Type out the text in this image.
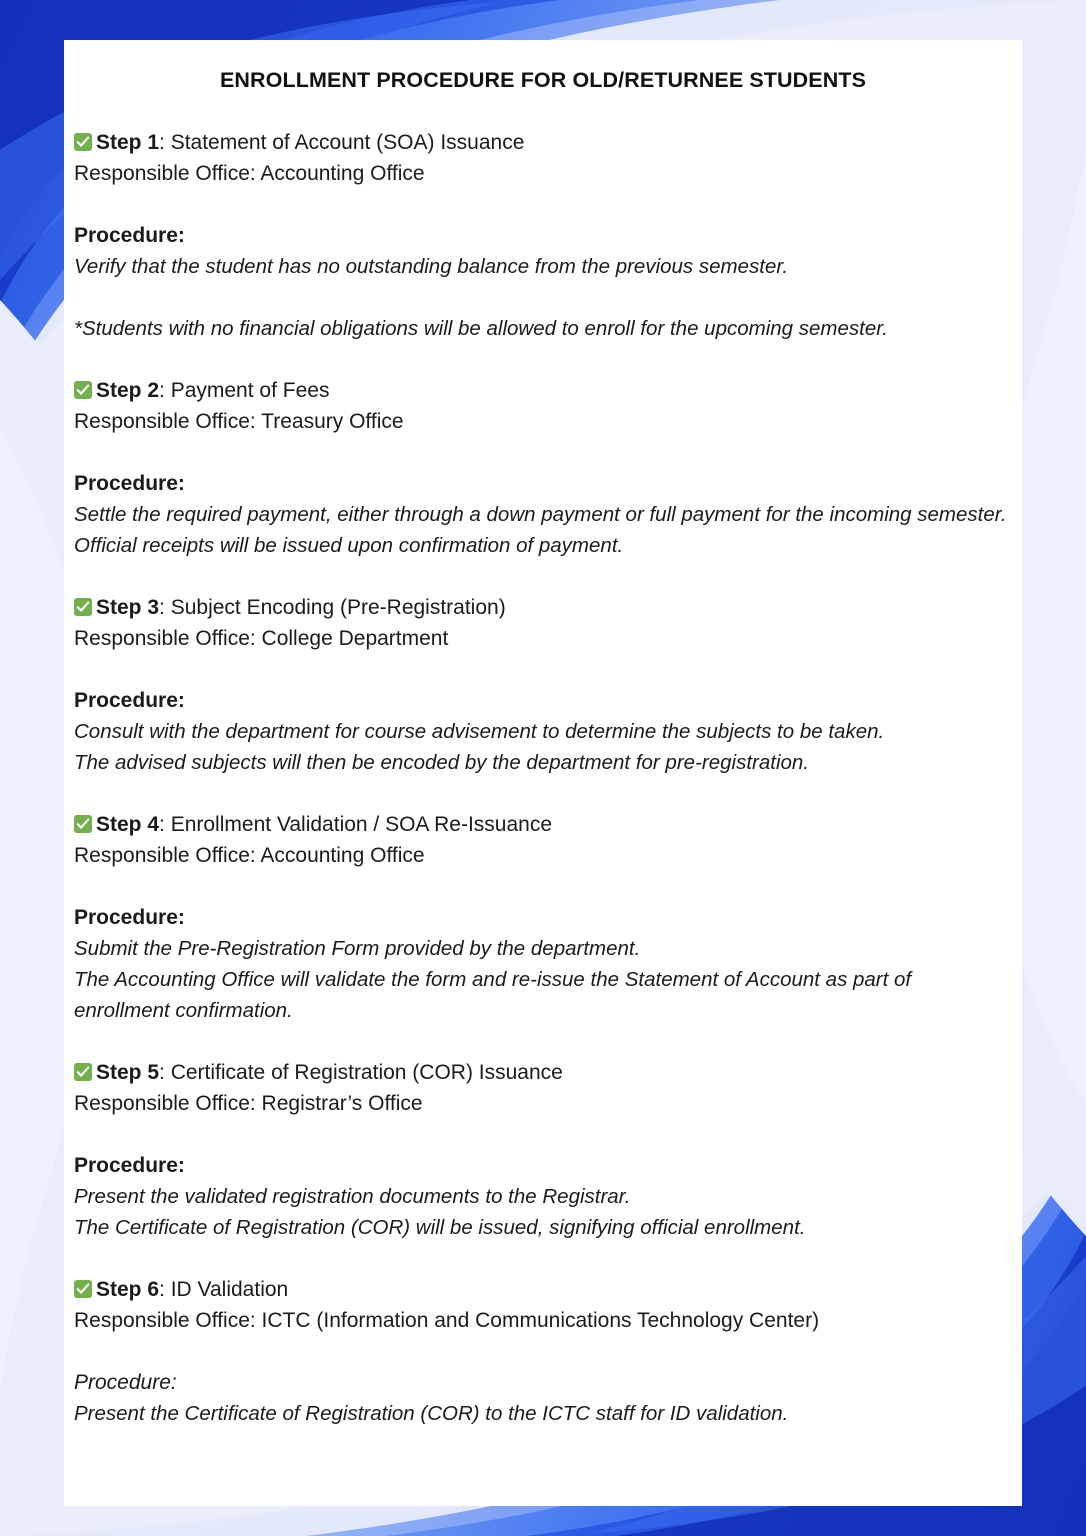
ENROLLMENT PROCEDURE FOR OLD/RETURNEE STUDENTS
Step 1: Statement of Account (SOA) Issuance
Responsible Office: Accounting Office
Procedure:
Verify that the student has no outstanding balance from the previous semester.
*Students with no financial obligations will be allowed to enroll for the upcoming semester.
Step 2: Payment of Fees
Responsible Office: Treasury Office
Procedure:
Settle the required payment, either through a down payment or full payment for the incoming semester.
Official receipts will be issued upon confirmation of payment.
Step 3: Subject Encoding (Pre-Registration)
Responsible Office: College Department
Procedure:
Consult with the department for course advisement to determine the subjects to be taken.
The advised subjects will then be encoded by the department for pre-registration.
Step 4: Enrollment Validation / SOA Re-Issuance
Responsible Office: Accounting Office
Procedure:
Submit the Pre-Registration Form provided by the department.
The Accounting Office will validate the form and re-issue the Statement of Account as part of enrollment confirmation.
Step 5: Certificate of Registration (COR) Issuance
Responsible Office: Registrar’s Office
Procedure:
Present the validated registration documents to the Registrar.
The Certificate of Registration (COR) will be issued, signifying official enrollment.
Step 6: ID Validation
Responsible Office: ICTC (Information and Communications Technology Center)
Procedure:
Present the Certificate of Registration (COR) to the ICTC staff for ID validation.
